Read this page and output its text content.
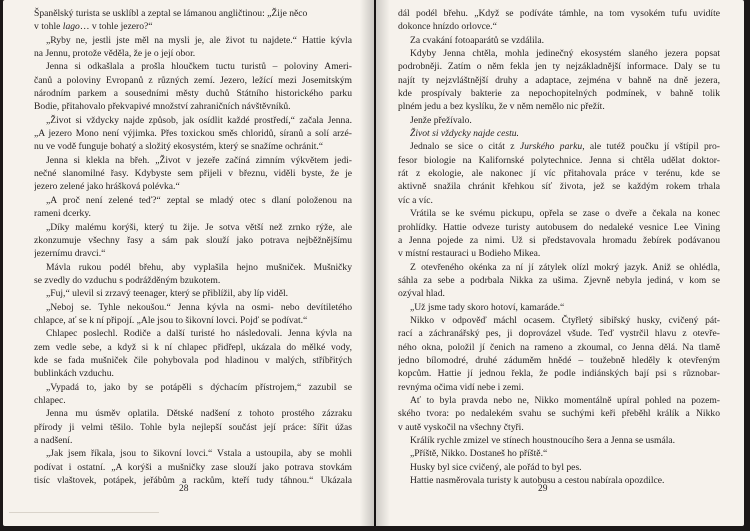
Španělský turista se usklíbl a zeptal se lámanou angličtinou: „Žije něco
v tohle lago… v tohle jezero?“
„Ryby ne, jestli jste měl na mysli je, ale život tu najdete.“ Hattie kývla
na Jennu, protože věděla, že je o její obor.
Jenna si odkašlala a prošla hloučkem tuctu turistů – poloviny Ameri-
čanů a poloviny Evropanů z různých zemí. Jezero, ležící mezi Josemitským
národním parkem a sousedními městy duchů Státního historického parku
Bodie, přitahovalo překvapivé množství zahraničních návštěvníků.
„Život si vždycky najde způsob, jak osídlit každé prostředí,“ začala Jenna.
„A jezero Mono není výjimka. Přes toxickou směs chloridů, síranů a solí arzé-
nu ve vodě funguje bohatý a složitý ekosystém, který se snažíme ochránit.“
Jenna si klekla na břeh. „Život v jezeře začíná zimním výkvětem jedi-
nečné slanomilné řasy. Kdybyste sem přijeli v březnu, viděli byste, že je
jezero zelené jako hrášková polévka.“
„A proč není zelené teď?“ zeptal se mladý otec s dlaní položenou na
rameni dcerky.
„Díky malému korýši, který tu žije. Je sotva větší než zrnko rýže, ale
zkonzumuje všechny řasy a sám pak slouží jako potrava nejběžnějšímu
jezernímu dravci.“
Mávla rukou podél břehu, aby vyplašila hejno mušniček. Mušničky
se zvedly do vzduchu s podrážděným bzukotem.
„Fuj,“ ulevil si zrzavý teenager, který se přiblížil, aby líp viděl.
„Neboj se. Tyhle nekoušou.“ Jenna kývla na osmi- nebo devítiletého
chlapce, ať se k ní připojí. „Ale jsou to šikovní lovci. Pojď se podívat.“
Chlapec poslechl. Rodiče a další turisté ho následovali. Jenna kývla na
zem vedle sebe, a když si k ní chlapec přidřepl, ukázala do mělké vody,
kde se fada mušniček čile pohybovala pod hladinou v malých, stříbřitých
bublinkách vzduchu.
„Vypadá to, jako by se potápěli s dýchacím přístrojem,“ zazubil se
chlapec.
Jenna mu úsměv oplatila. Dětské nadšení z tohoto prostého zázraku
přírody ji velmi těšilo. Tohle byla nejlepší součást její práce: šířit úžas
a nadšení.
„Jak jsem říkala, jsou to šikovní lovci.“ Vstala a ustoupila, aby se mohli
podívat i ostatní. „A korýši a mušničky zase slouží jako potrava stovkám
tisíc vlaštovek, potápek, jeřábům a rackům, kteří tudy táhnou.“ Ukázala
28
dál podél břehu. „Když se podíváte támhle, na tom vysokém tufu uvidíte
dokonce hnízdo orlovce.“
Za cvakání fotoaparátů se vzdálila.
Kdyby Jenna chtěla, mohla jedinečný ekosystém slaného jezera popsat
podrobněji. Zatím o něm fekla jen ty nejzákladnější informace. Daly se tu
najít ty nejzvláštnější druhy a adaptace, zejména v bahně na dně jezera,
kde prospívaly bakterie za nepochopitelných podmínek, v bahně tolik
plném jedu a bez kyslíku, že v něm nemělo nic přežít.
Jenže přežívalo.
Život si vždycky najde cestu.
Jednalo se sice o citát z Jurského parku, ale tutéž poučku jí vštípil pro-
fesor biologie na Kalifornské polytechnice. Jenna si chtěla udělat doktor-
rát z ekologie, ale nakonec jí víc přitahovala práce v terénu, kde se
aktivně snažila chránit křehkou síť života, jež se každým rokem trhala
víc a víc.
Vrátila se ke svému pickupu, opřela se zase o dveře a čekala na konec
prohlídky. Hattie odveze turisty autobusem do nedaleké vesnice Lee Vining
a Jenna pojede za nimi. Už si představovala hromadu žebírek podávanou
v místní restauraci u Bodieho Mikea.
Z otevřeného okénka za ní jí zátylek olízl mokrý jazyk. Aniž se ohlédla,
sáhla za sebe a podrbala Nikka za ušima. Zjevně nebyla jediná, v kom se
ozýval hlad.
„Už jsme tady skoro hotoví, kamaráde.“
Nikko v odpověď máchl ocasem. Čtyřletý sibiřský husky, cvičený pát-
rací a záchranářský pes, ji doprovázel všude. Teď vystrčil hlavu z otevře-
ného okna, položil jí čenich na rameno a zkoumal, co Jenna dělá. Na tlamě
jedno bílomodré, druhé záduměm hnědé – toužebně hleděly k otevřeným
kopcům. Hattie jí jednou řekla, že podle indiánských bají psi s různobar-
revnýma očima vidí nebe i zemi.
Ať to byla pravda nebo ne, Nikko momentálně upíral pohled na pozem-
ského tvora: po nedalekém svahu se suchými keři přeběhl králík a Nikko
v autě vyskočil na všechny čtyři.
Králík rychle zmizel ve stínech houstnoucího šera a Jenna se usmála.
„Příště, Nikko. Dostaneš ho příště.“
Husky byl sice cvičený, ale pořád to byl pes.
Hattie nasměrovala turisty k autobusu a cestou nabírala opozdilce.
29
